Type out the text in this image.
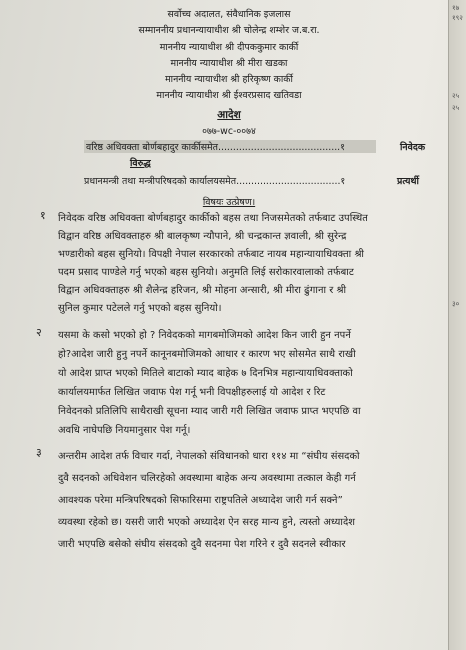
सर्वोच्च अदालत, संवैधानिक इजलास
सम्माननीय प्रधानन्यायाधीश श्री चोलेन्द्र शम्शेर ज.ब.रा.
माननीय न्यायाधीश श्री दीपककुमार कार्की
माननीय न्यायाधीश श्री मीरा खडका
माननीय न्यायाधीश श्री हरिकृष्ण कार्की
माननीय न्यायाधीश श्री ईश्वरप्रसाद खतिवडा
आदेश
०७७-wc-००७४
वरिष्ठ अधिवक्ता बोर्णबहादुर कार्कीसमेत.........................................१	निवेदक
विरुद्ध
प्रधानमन्त्री तथा मन्त्रीपरिषदको कार्यालयसमेत...................................१	प्रत्यर्थी
विषयः उत्प्रेषण।
१ निवेदक वरिष्ठ अधिवक्ता बोर्णबहादुर कार्कीको बहस तथा निजसमेतको तर्फबाट उपस्थित
विद्वान वरिष्ठ अधिवक्ताहरु श्री बालकृष्ण न्यौपाने, श्री चन्द्रकान्त ज्ञवाली, श्री सुरेन्द्र
भण्डारीको बहस सुनियो। विपक्षी नेपाल सरकारको तर्फबाट नायब महान्यायाधिवक्ता श्री
पदम प्रसाद पाण्डेले गर्नु भएको बहस सुनियो। अनुमति लिई सरोकारवालाको तर्फबाट
विद्वान अधिवक्ताहरु श्री शैलेन्द्र हरिजन, श्री मोहना अन्सारी, श्री मीरा ढुंगाना र श्री
सुनिल कुमार पटेलले गर्नु भएको बहस सुनियो।
२ यसमा के कसो भएको हो ? निवेदकको मागबमोजिमको आदेश किन जारी हुन नपर्ने
हो?आदेश जारी हुनु नपर्ने कानूनबमोजिमको आधार र कारण भए सोसमेत साथै राखी
यो आदेश प्राप्त भएको मितिले बाटाको म्याद बाहेक ७ दिनभित्र महान्यायाधिवक्ताको
कार्यालयमार्फत लिखित जवाफ पेश गर्नू भनी विपक्षीहरुलाई यो आदेश र रिट
निवेदनको प्रतिलिपि साथैराखी सूचना म्याद जारी गरी लिखित जवाफ प्राप्त भएपछि वा
अवधि नाघेपछि नियमानुसार पेश गर्नू।
३ अन्तरीम आदेश तर्फ विचार गर्दा, नेपालको संविधानको धारा ११४ मा “संघीय संसदको
दुवै सदनको अधिवेशन चलिरहेको अवस्थामा बाहेक अन्य अवस्थामा तत्काल केही गर्न
आवश्यक परेमा मन्त्रिपरिषदको सिफारिसमा राष्ट्रपतिले अध्यादेश जारी गर्न सक्ने”
व्यवस्था रहेको छ। यसरी जारी भएको अध्यादेश ऐन सरह मान्य हुने, त्यस्तो अध्यादेश
जारी भएपछि बसेको संघीय संसदको दुवै सदनमा पेश गरिने र दुवै सदनले स्वीकार
१७
१९२
२५
२५
३०
